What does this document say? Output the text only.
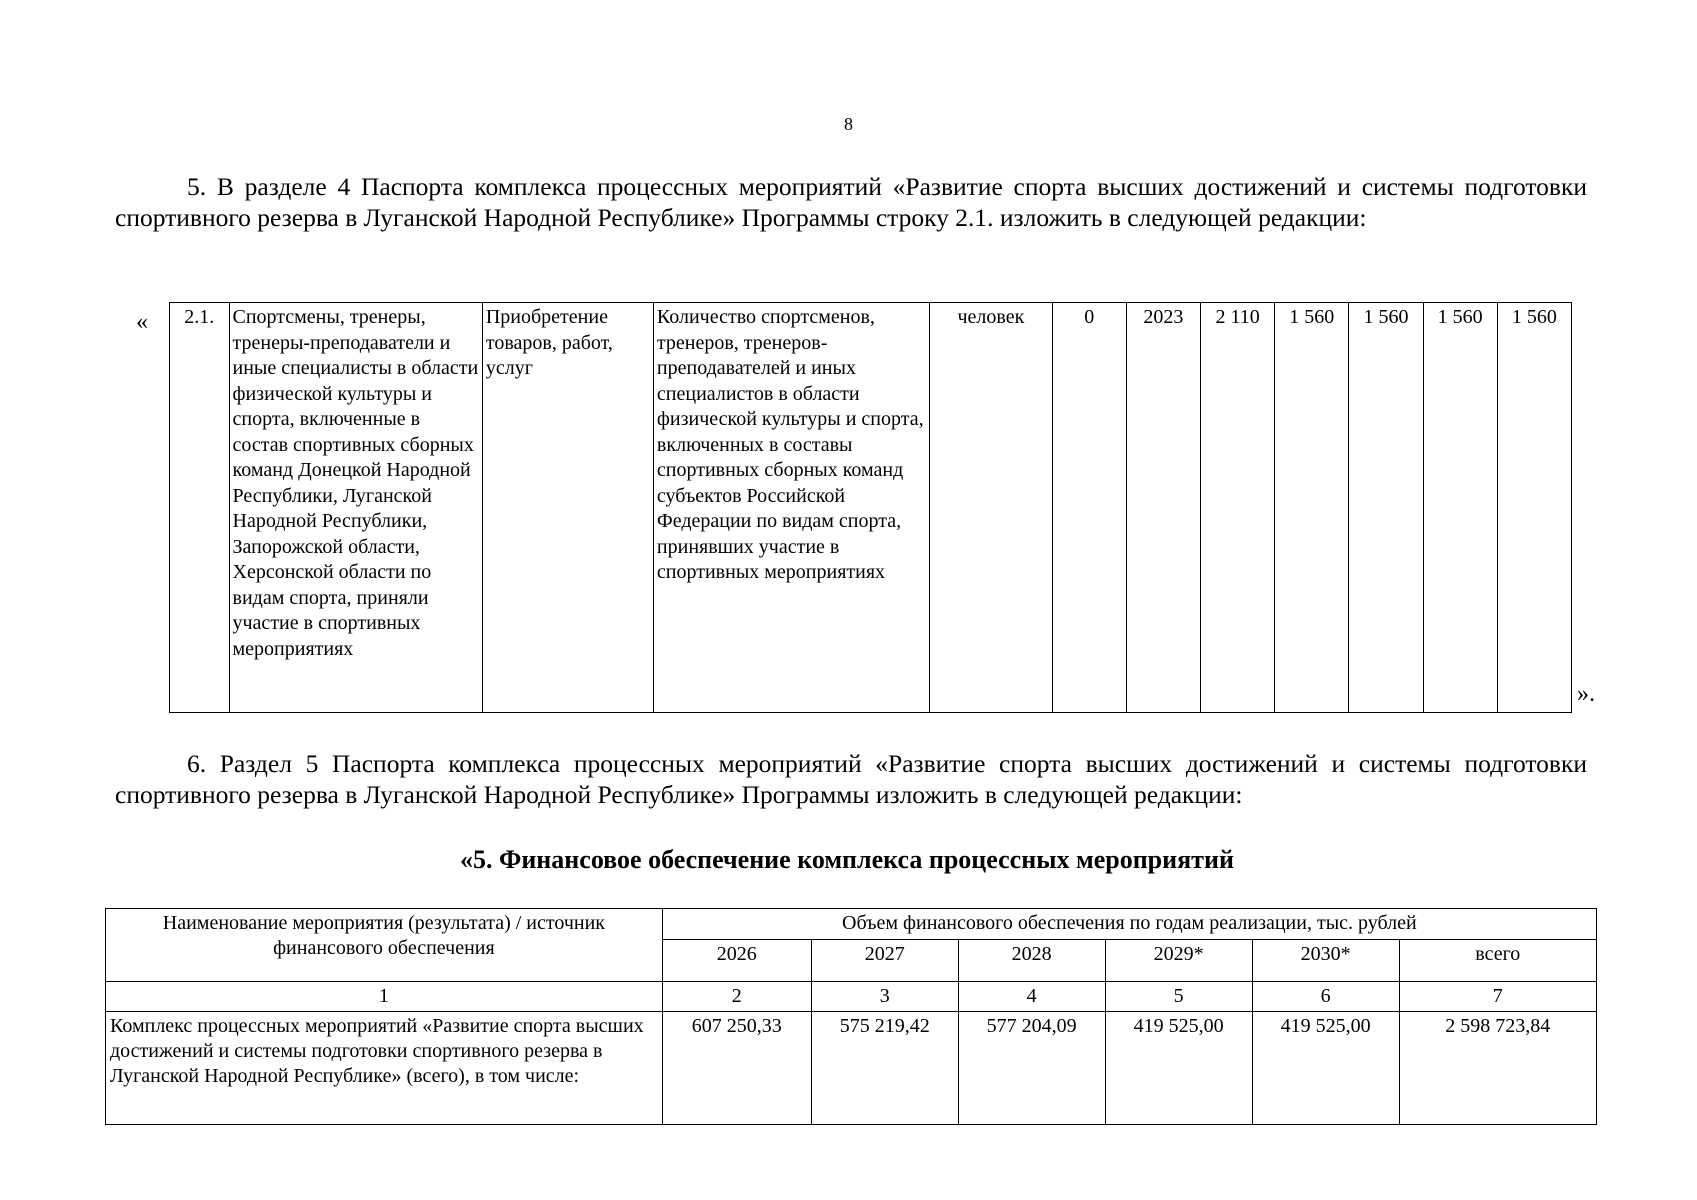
8

5. В разделе 4 Паспорта комплекса процессных мероприятий «Развитие спорта высших достижений и системы подготовки спортивного резерва в Луганской Народной Республике» Программы строку 2.1. изложить в следующей редакции:

« 2.1.	Спортсмены, тренеры, тренеры-преподаватели и иные специалисты в области физической культуры и спорта, включенные в состав спортивных сборных команд Донецкой Народной Республики, Луганской Народной Республики, Запорожской области, Херсонской области по видам спорта, приняли участие в спортивных мероприятиях	Приобретение товаров, работ, услуг	Количество спортсменов, тренеров, тренеров-преподавателей и иных специалистов в области физической культуры и спорта, включенных в составы спортивных сборных команд субъектов Российской Федерации по видам спорта, принявших участие в спортивных мероприятиях	человек	0	2023	2 110	1 560	1 560	1 560	1 560
».

6. Раздел 5 Паспорта комплекса процессных мероприятий «Развитие спорта высших достижений и системы подготовки спортивного резерва в Луганской Народной Республике» Программы изложить в следующей редакции:

«5. Финансовое обеспечение комплекса процессных мероприятий
Наименование мероприятия (результата) / источник финансового обеспечения	Объем финансового обеспечения по годам реализации, тыс. рублей					
	2026	2027	2028	2029*	2030*	всего
1	2	3	4	5	6	7
Комплекс процессных мероприятий «Развитие спорта высших достижений и системы подготовки спортивного резерва в Луганской Народной Республике» (всего), в том числе:	607 250,33	575 219,42	577 204,09	419 525,00	419 525,00	2 598 723,84
